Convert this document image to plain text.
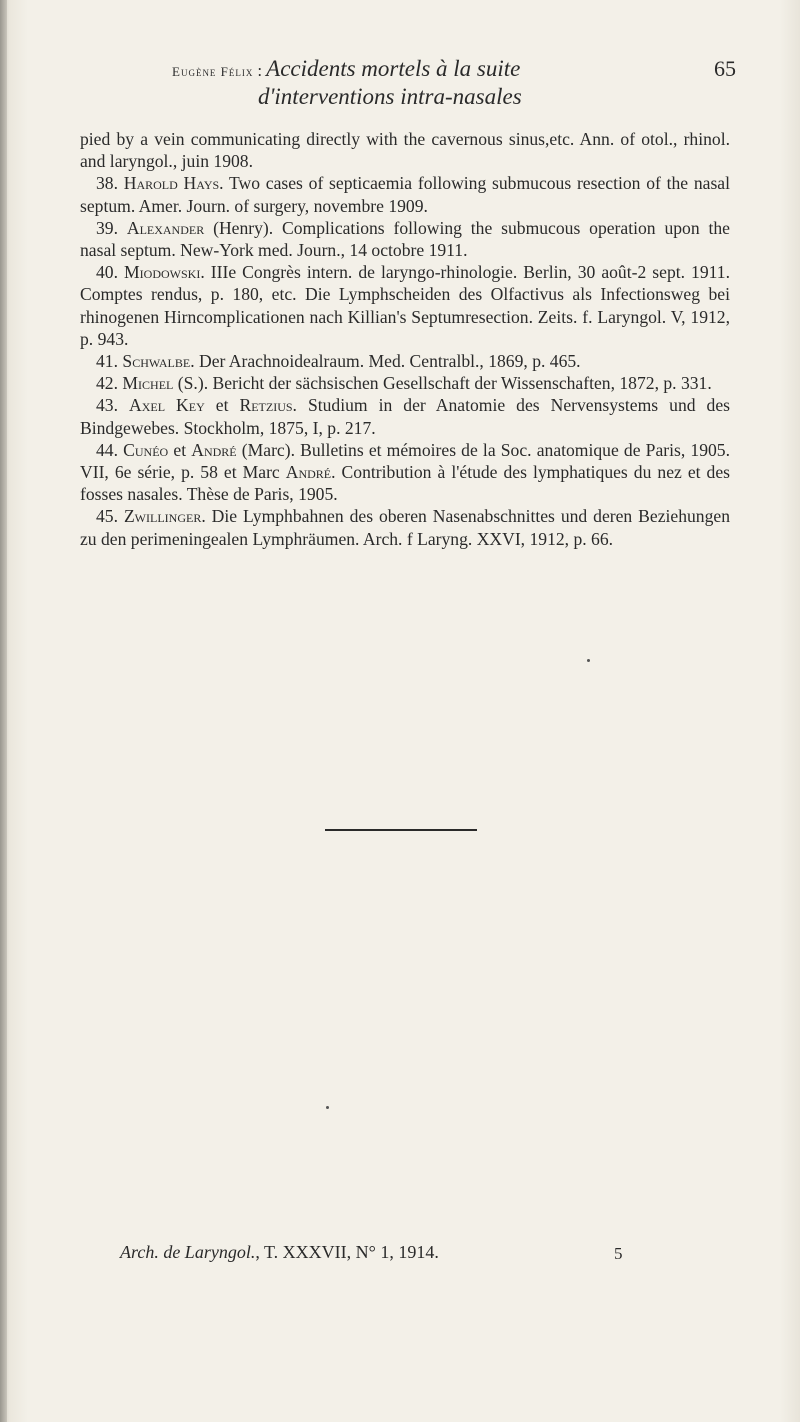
Eugène Félix : Accidents mortels à la suite	65
d'interventions intra-nasales

pied by a vein communicating directly with the cavernous sinus,etc. Ann. of otol., rhinol. and laryngol., juin 1908.

38. Harold Hays. Two cases of septicaemia following submucous resection of the nasal septum. Amer. Journ. of surgery, novembre 1909.

39. Alexander (Henry). Complications following the submucous operation upon the nasal septum. New-York med. Journ., 14 octobre 1911.

40. Miodowski. IIIe Congrès intern. de laryngo-rhinologie. Berlin, 30 août-2 sept. 1911. Comptes rendus, p. 180, etc. Die Lymphscheiden des Olfactivus als Infectionsweg bei rhinogenen Hirncomplicationen nach Killian's Septumresection. Zeits. f. Laryngol. V, 1912, p. 943.

41. Schwalbe. Der Arachnoidealraum. Med. Centralbl., 1869, p. 465.

42. Michel (S.). Bericht der sächsischen Gesellschaft der Wissenschaften, 1872, p. 331.

43. Axel Key et Retzius. Studium in der Anatomie des Nervensystems und des Bindgewebes. Stockholm, 1875, I, p. 217.

44. Cunéo et André (Marc). Bulletins et mémoires de la Soc. anatomique de Paris, 1905. VII, 6e série, p. 58 et Marc André. Contribution à l'étude des lymphatiques du nez et des fosses nasales. Thèse de Paris, 1905.

45. Zwillinger. Die Lymphbahnen des oberen Nasenabschnittes und deren Beziehungen zu den perimeningealen Lymphräumen. Arch. f Laryng. XXVI, 1912, p. 66.

Arch. de Laryngol., T. XXXVII, N° 1, 1914.	5
